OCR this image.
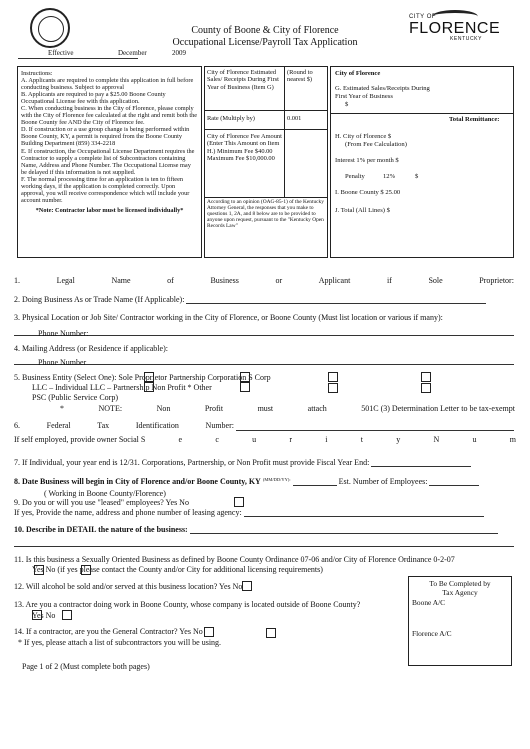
County of Boone & City of Florence
Occupational License/Payroll Tax Application
Effective	December	2009
CITY OF
FLORENCE
KENTUCKY
Instructions:
A. Applicants are required to complete this application in full before conducting business. Subject to approval
B. Applicants are required to pay a $25.00 Boone County Occupational License fee with this application.
C. When conducting business in the City of Florence, please comply with the City of Florence fee calculated at the right and remit both the Boone County fee AND the City of Florence fee.
D. If construction or a use group change is being performed within Boone County, KY, a permit is required from the Boone County Building Department (859) 334-2218
E. If construction, the Occupational License Department requires the Contractor to supply a complete list of Subcontractors containing Name, Address and Phone Number. The Occupational License may be delayed if this information is not supplied.
F. The normal processing time for an application is ten to fifteen working days, if the application is completed correctly. Upon approval, you will receive correspondence which will include your account number.
*Note: Contractor labor must be licensed individually*
City of Florence Estimated Sales/ Receipts During First Year of Business (Item G)
(Round to nearest $)
Rate (Multiply by)	0.001
City of Florence Fee Amount (Enter This Amount on Item H.) Minimum Fee $40.00 Maximum Fee $10,000.00
According to an opinion (OAG-85-1) of the Kentucky Attorney General, the responses that you make to questions 1, 2A, and 8 below are to be provided to anyone upon request, pursuant to the "Kentucky Open Records Law"
City of Florence
G. Estimated Sales/Receipts During First Year of Business
$
Total Remittance:
H. City of Florence $
(From Fee Calculation)
Interest 1% per month $
Penalty	12%	$
I. Boone County $ 25.00
J. Total (All Lines) $
1.	Legal	Name	of	Business	or	Applicant	if	Sole	Proprietor:
2. Doing Business As or Trade Name (If Applicable):
3. Physical Location or Job Site/ Contractor working in the City of Florence, or Boone County (Must list location or various if many):
Phone Number:
4. Mailing Address (or Residence if applicable):
Phone Number
5. Business Entity (Select One): Sole Proprietor Partnership Corporation S Corp
LLC – Individual LLC – Partnership Non Profit * Other
PSC (Public Service Corp)
*	NOTE:	Non	Profit	must	attach	501C (3) Determination Letter to be tax-exempt
6.	Federal	Tax	Identification	Number:
If self employed, provide owner Social S	e	c	u	r	i	t	y	N	u	m
7. If Individual, your year end is 12/31. Corporations, Partnership, or Non Profit must provide Fiscal Year End:
8. Date Business will begin in City of Florence and/or Boone County, KY $^{(MM/DD/YY):}$	Est. Number of Employees:
( Working in Boone County/Florence)
9. Do you or will you use "leased" employees? Yes No
If yes, Provide the name, address and phone number of leasing agency:
10. Describe in DETAIL the nature of the business:
11. Is this business a Sexually Oriented Business as defined by Boone County Ordinance 07-06 and/or City of Florence Ordinance 0-2-07
Yes No (if yes please contact the County and/or City for additional licensing requirements)
12. Will alcohol be sold and/or served at this business location? Yes No
13. Are you a contractor doing work in Boone County, whose company is located outside of Boone County?
Yes No
14. If a contractor, are you the General Contractor? Yes No
* If yes, please attach a list of subcontractors you will be using.
To Be Completed by
Tax Agency
Boone A/C
Florence A/C
Page 1 of 2 (Must complete both pages)
